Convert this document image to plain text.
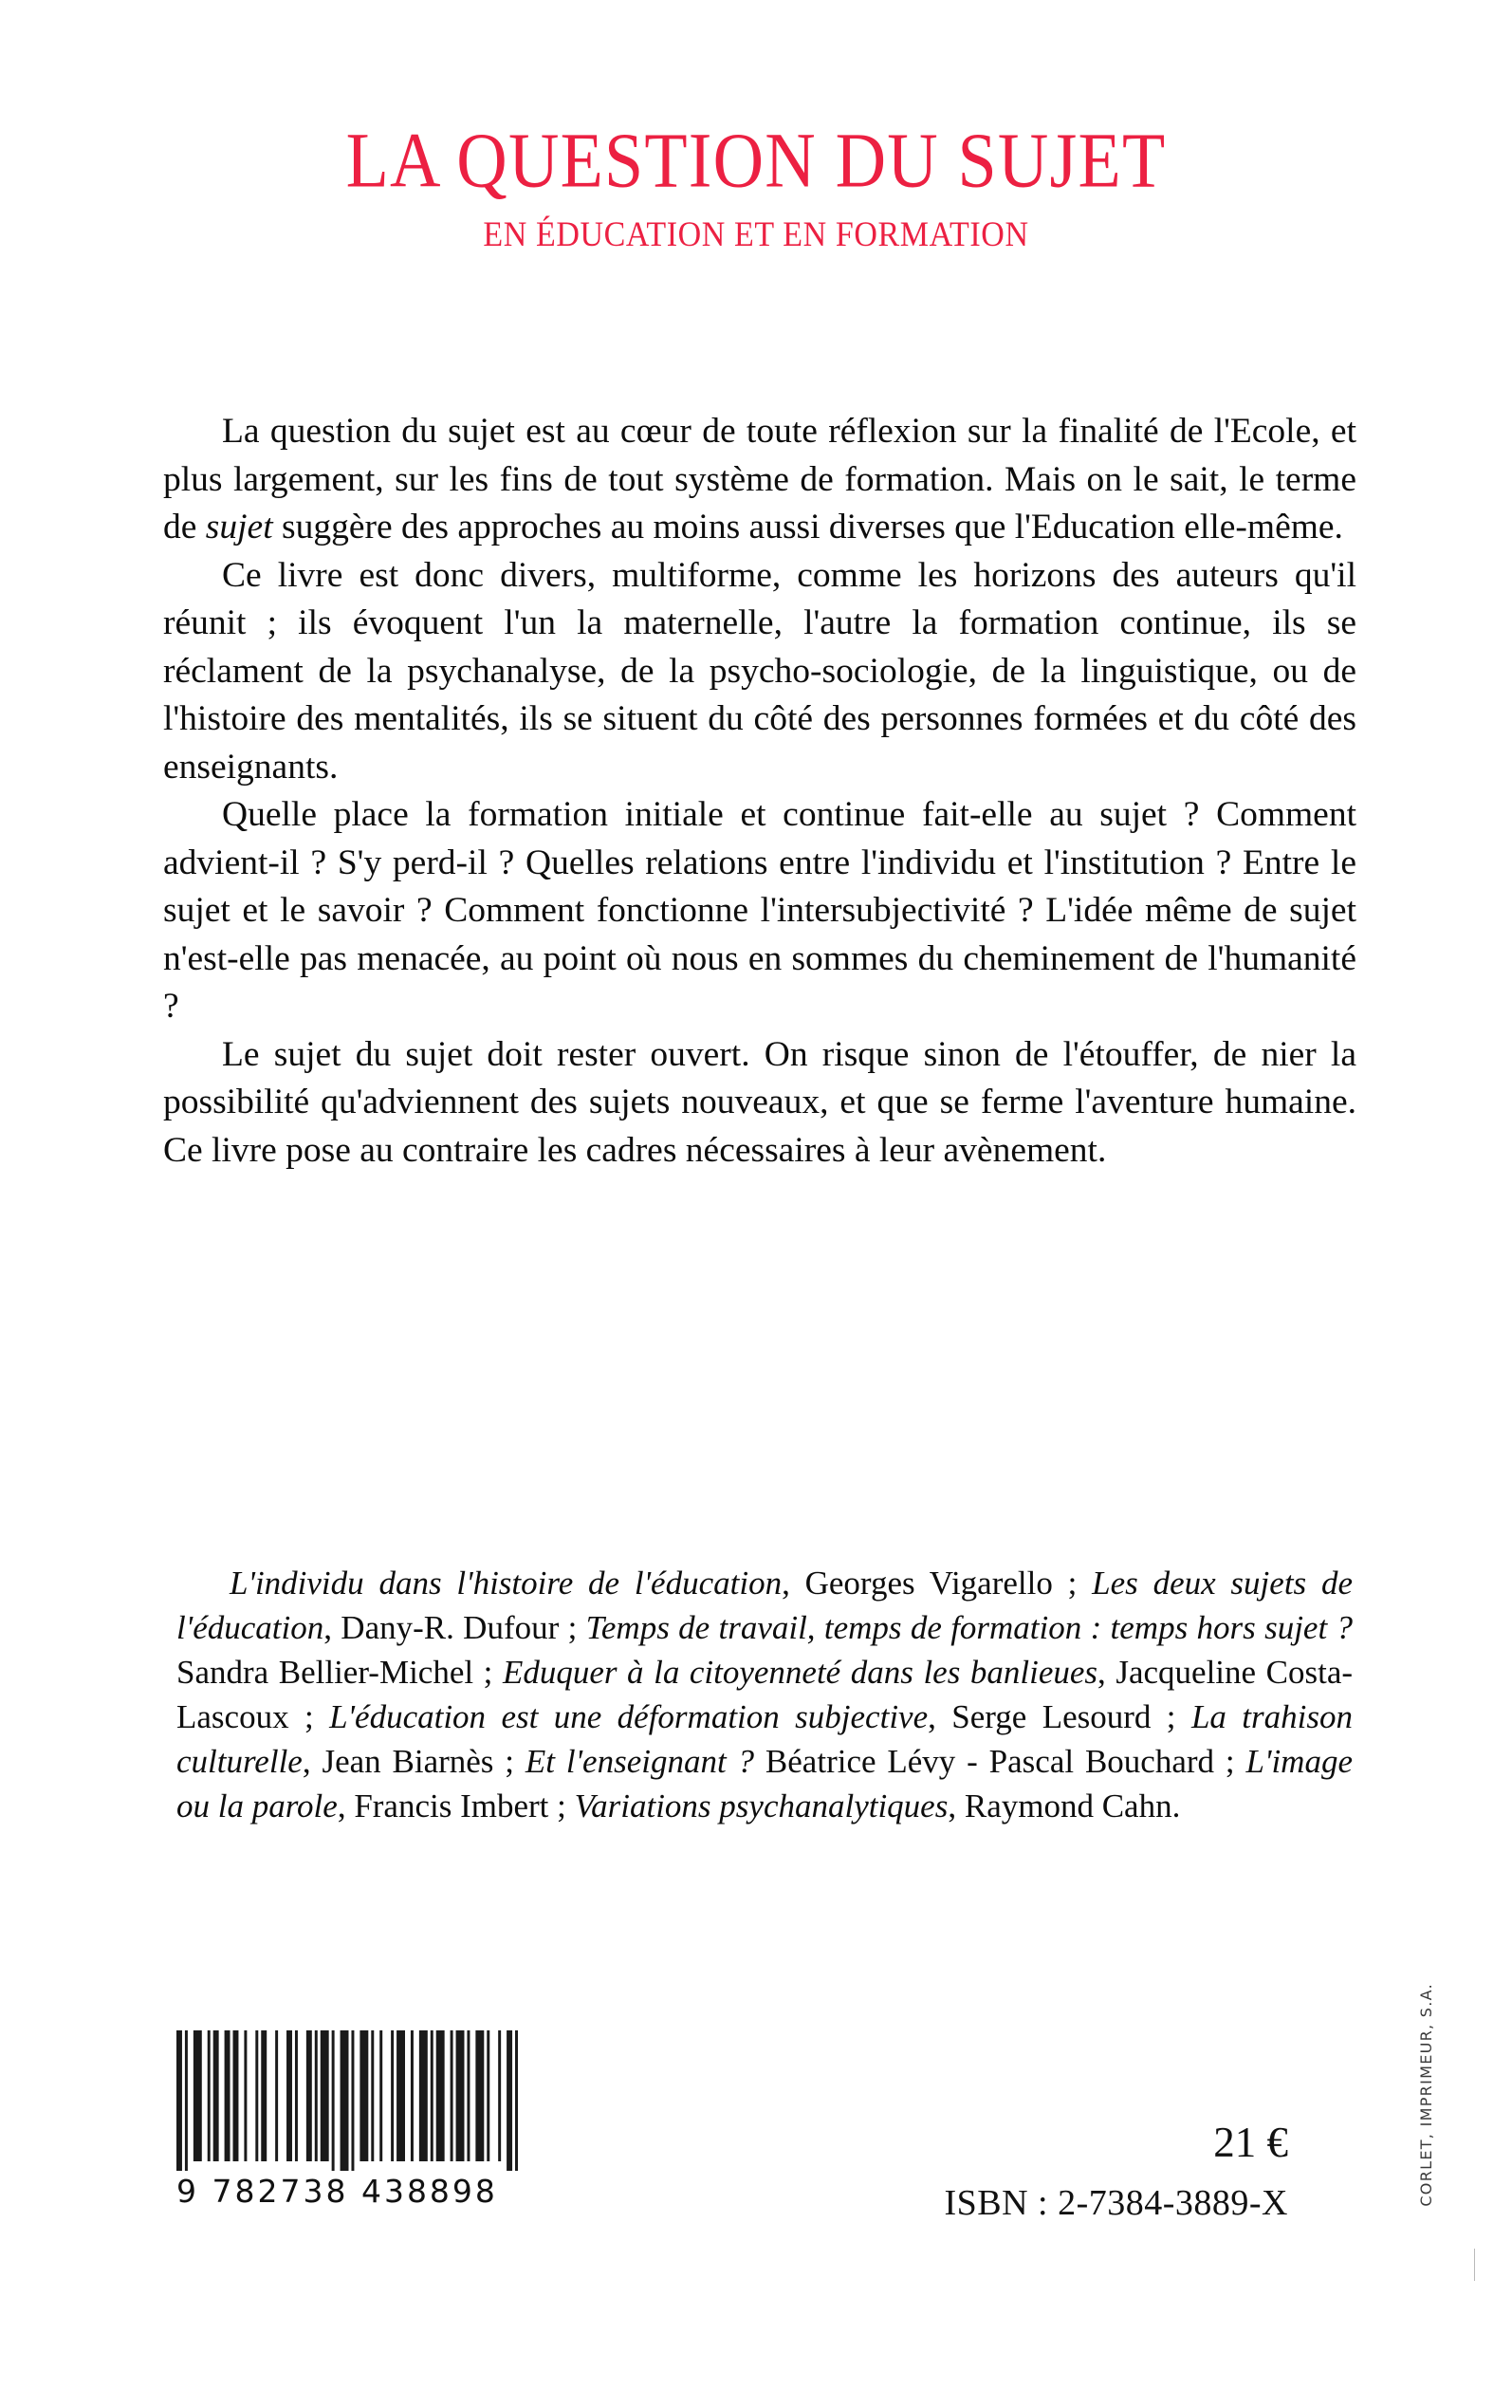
LA QUESTION DU SUJET
EN ÉDUCATION ET EN FORMATION

La question du sujet est au cœur de toute réflexion sur la finalité de l'Ecole, et plus largement, sur les fins de tout système de formation. Mais on le sait, le terme de sujet suggère des approches au moins aussi diverses que l'Education elle-même.

Ce livre est donc divers, multiforme, comme les horizons des auteurs qu'il réunit ; ils évoquent l'un la maternelle, l'autre la formation continue, ils se réclament de la psychanalyse, de la psycho-sociologie, de la linguistique, ou de l'histoire des mentalités, ils se situent du côté des personnes formées et du côté des enseignants.

Quelle place la formation initiale et continue fait-elle au sujet ? Comment advient-il ? S'y perd-il ? Quelles relations entre l'individu et l'institution ? Entre le sujet et le savoir ? Comment fonctionne l'intersubjectivité ? L'idée même de sujet n'est-elle pas menacée, au point où nous en sommes du cheminement de l'humanité ?

Le sujet du sujet doit rester ouvert. On risque sinon de l'étouffer, de nier la possibilité qu'adviennent des sujets nouveaux, et que se ferme l'aventure humaine. Ce livre pose au contraire les cadres nécessaires à leur avènement.

L'individu dans l'histoire de l'éducation, Georges Vigarello ; Les deux sujets de l'éducation, Dany-R. Dufour ; Temps de travail, temps de formation : temps hors sujet ? Sandra Bellier-Michel ; Eduquer à la citoyenneté dans les banlieues, Jacqueline Costa-Lascoux ; L'éducation est une déformation subjective, Serge Lesourd ; La trahison culturelle, Jean Biarnès ; Et l'enseignant ? Béatrice Lévy - Pascal Bouchard ; L'image ou la parole, Francis Imbert ; Variations psychanalytiques, Raymond Cahn.

9 782738 438898
21 €
ISBN : 2-7384-3889-X	CORLET, IMPRIMEUR, S.A.
